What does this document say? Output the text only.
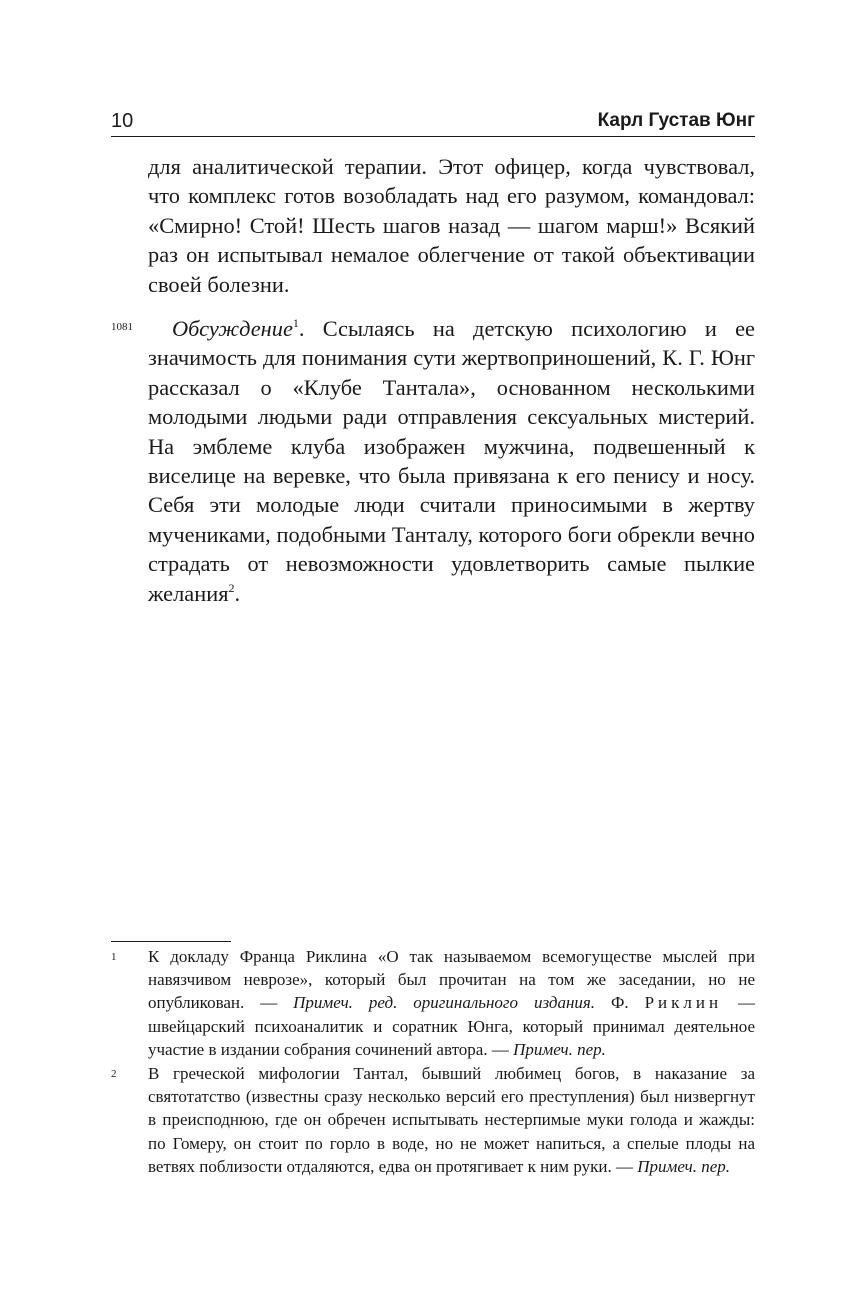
10	Карл Густав Юнг
для аналитической терапии. Этот офицер, когда чувствовал, что комплекс готов возобладать над его разумом, командовал: «Смирно! Стой! Шесть шагов назад — шагом марш!» Всякий раз он испытывал немалое облегчение от такой объективации своей болезни.
1081	Обсуждение$^1$. Ссылаясь на детскую психологию и ее значимость для понимания сути жертвоприношений, К. Г. Юнг рассказал о «Клубе Тантала», основанном несколькими молодыми людьми ради отправления сексуальных мистерий. На эмблеме клуба изображен мужчина, подвешенный к виселице на веревке, что была привязана к его пенису и носу. Себя эти молодые люди считали приносимыми в жертву мучениками, подобными Танталу, которого боги обрекли вечно страдать от невозможности удовлетворить самые пылкие желания$^2$.
1 К докладу Франца Риклина «О так называемом всемогуществе мыслей при навязчивом неврозе», который был прочитан на том же заседании, но не опубликован. — Примеч. ред. оригинального издания. Ф. Риклин — швейцарский психоаналитик и соратник Юнга, который принимал деятельное участие в издании собрания сочинений автора. — Примеч. пер.
2 В греческой мифологии Тантал, бывший любимец богов, в наказание за святотатство (известны сразу несколько версий его преступления) был низвергнут в преисподнюю, где он обречен испытывать нестерпимые муки голода и жажды: по Гомеру, он стоит по горло в воде, но не может напиться, а спелые плоды на ветвях поблизости отдаляются, едва он протягивает к ним руки. — Примеч. пер.
